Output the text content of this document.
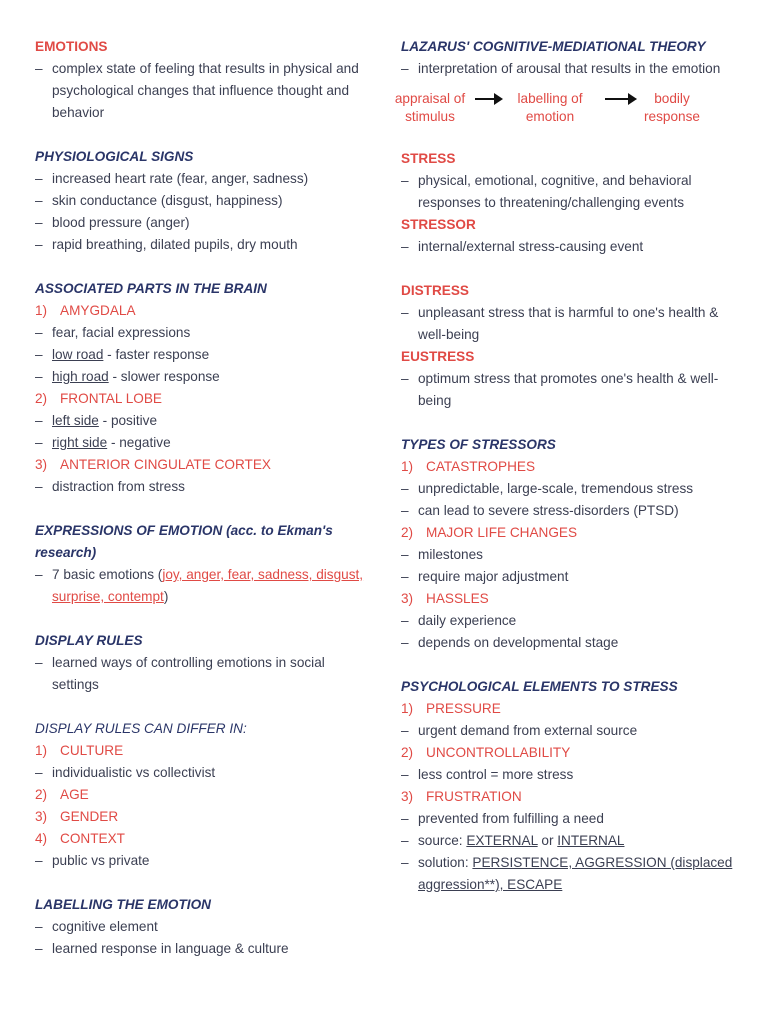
EMOTIONS
– complex state of feeling that results in physical and psychological changes that influence thought and behavior
PHYSIOLOGICAL SIGNS
– increased heart rate (fear, anger, sadness)
– skin conductance (disgust, happiness)
– blood pressure (anger)
– rapid breathing, dilated pupils, dry mouth
ASSOCIATED PARTS IN THE BRAIN
1) AMYGDALA
– fear, facial expressions
– low road - faster response
– high road - slower response
2) FRONTAL LOBE
– left side - positive
– right side - negative
3) ANTERIOR CINGULATE CORTEX
– distraction from stress
EXPRESSIONS OF EMOTION (acc. to Ekman's research)
– 7 basic emotions (joy, anger, fear, sadness, disgust, surprise, contempt)
DISPLAY RULES
– learned ways of controlling emotions in social settings
DISPLAY RULES CAN DIFFER IN:
1) CULTURE
– individualistic vs collectivist
2) AGE
3) GENDER
4) CONTEXT
– public vs private
LABELLING THE EMOTION
– cognitive element
– learned response in language & culture
LAZARUS' COGNITIVE-MEDIATIONAL THEORY
– interpretation of arousal that results in the emotion
appraisal of stimulus
labelling of emotion
bodily response
STRESS
– physical, emotional, cognitive, and behavioral responses to threatening/challenging events
STRESSOR
– internal/external stress-causing event
DISTRESS
– unpleasant stress that is harmful to one's health & well-being
EUSTRESS
– optimum stress that promotes one's health & well-being
TYPES OF STRESSORS
1) CATASTROPHES
– unpredictable, large-scale, tremendous stress
– can lead to severe stress-disorders (PTSD)
2) MAJOR LIFE CHANGES
– milestones
– require major adjustment
3) HASSLES
– daily experience
– depends on developmental stage
PSYCHOLOGICAL ELEMENTS TO STRESS
1) PRESSURE
– urgent demand from external source
2) UNCONTROLLABILITY
– less control = more stress
3) FRUSTRATION
– prevented from fulfilling a need
– source: EXTERNAL or INTERNAL
– solution: PERSISTENCE, AGGRESSION (displaced aggression**), ESCAPE
